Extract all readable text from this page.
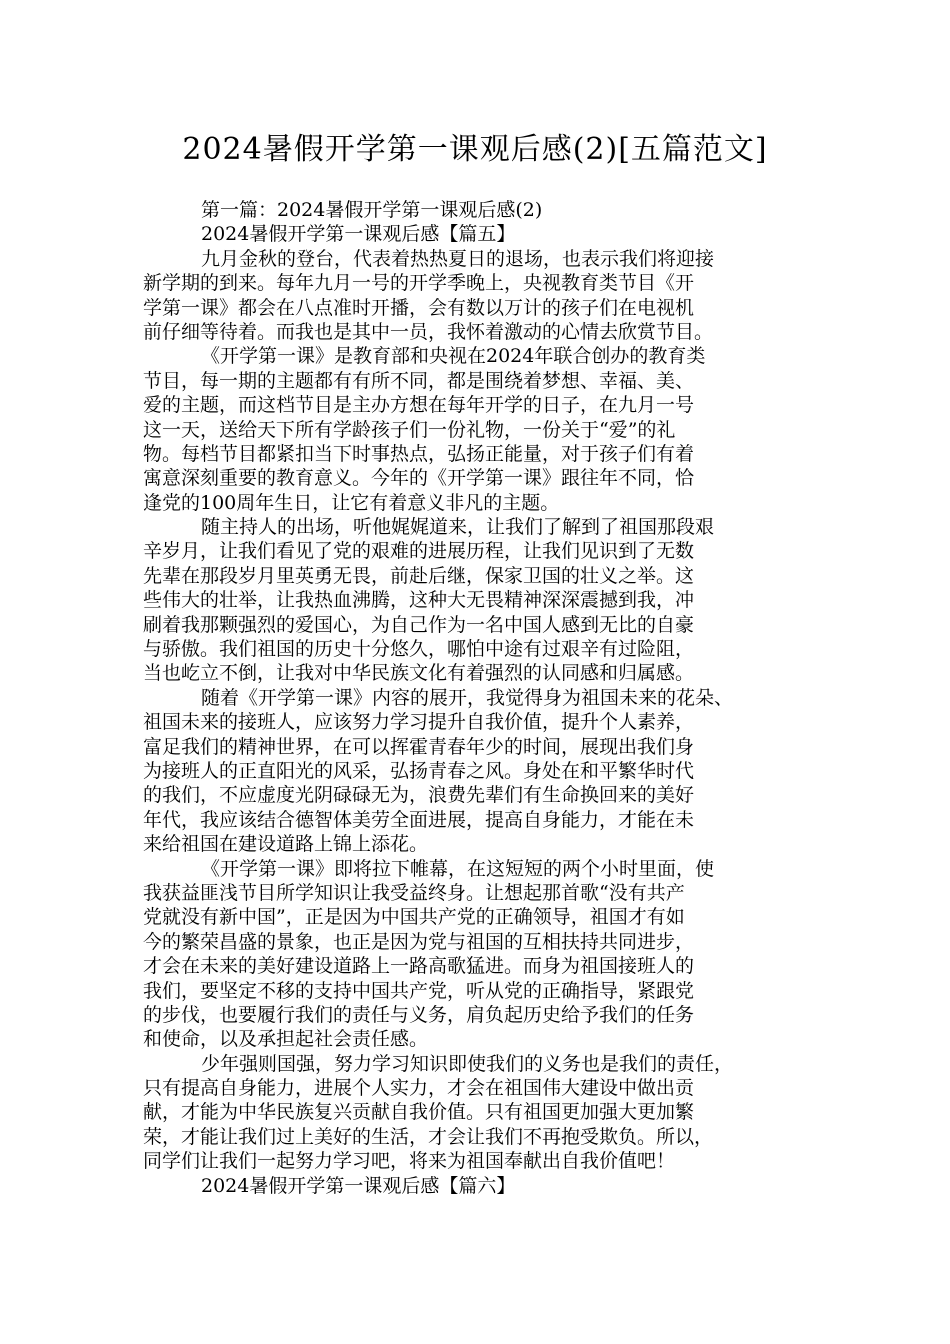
2024暑假开学第一课观后感(2)[五篇范文]
第一篇：2024暑假开学第一课观后感(2)
2024暑假开学第一课观后感【篇五】
九月金秋的登台，代表着热热夏日的退场，也表示我们将迎接
新学期的到来。每年九月一号的开学季晚上，央视教育类节目《开
学第一课》都会在八点准时开播，会有数以万计的孩子们在电视机
前仔细等待着。而我也是其中一员，我怀着激动的心情去欣赏节目。
《开学第一课》是教育部和央视在2024年联合创办的教育类
节目，每一期的主题都有有所不同，都是围绕着梦想、幸福、美、
爱的主题，而这档节目是主办方想在每年开学的日子，在九月一号
这一天，送给天下所有学龄孩子们一份礼物，一份关于“爱”的礼
物。每档节目都紧扣当下时事热点，弘扬正能量，对于孩子们有着
寓意深刻重要的教育意义。今年的《开学第一课》跟往年不同，恰
逢党的100周年生日，让它有着意义非凡的主题。
随主持人的出场，听他娓娓道来，让我们了解到了祖国那段艰
辛岁月，让我们看见了党的艰难的进展历程，让我们见识到了无数
先辈在那段岁月里英勇无畏，前赴后继，保家卫国的壮义之举。这
些伟大的壮举，让我热血沸腾，这种大无畏精神深深震撼到我，冲
刷着我那颗强烈的爱国心，为自己作为一名中国人感到无比的自豪
与骄傲。我们祖国的历史十分悠久，哪怕中途有过艰辛有过险阻，
当也屹立不倒，让我对中华民族文化有着强烈的认同感和归属感。
随着《开学第一课》内容的展开，我觉得身为祖国未来的花朵、
祖国未来的接班人，应该努力学习提升自我价值，提升个人素养，
富足我们的精神世界，在可以挥霍青春年少的时间，展现出我们身
为接班人的正直阳光的风采，弘扬青春之风。身处在和平繁华时代
的我们，不应虚度光阴碌碌无为，浪费先辈们有生命换回来的美好
年代，我应该结合德智体美劳全面进展，提高自身能力，才能在未
来给祖国在建设道路上锦上添花。
《开学第一课》即将拉下帷幕，在这短短的两个小时里面，使
我获益匪浅节目所学知识让我受益终身。让想起那首歌“没有共产
党就没有新中国”，正是因为中国共产党的正确领导，祖国才有如
今的繁荣昌盛的景象，也正是因为党与祖国的互相扶持共同进步，
才会在未来的美好建设道路上一路高歌猛进。而身为祖国接班人的
我们，要坚定不移的支持中国共产党，听从党的正确指导，紧跟党
的步伐，也要履行我们的责任与义务，肩负起历史给予我们的任务
和使命，以及承担起社会责任感。
少年强则国强，努力学习知识即使我们的义务也是我们的责任，
只有提高自身能力，进展个人实力，才会在祖国伟大建设中做出贡
献，才能为中华民族复兴贡献自我价值。只有祖国更加强大更加繁
荣，才能让我们过上美好的生活，才会让我们不再抱受欺负。所以，
同学们让我们一起努力学习吧，将来为祖国奉献出自我价值吧！
2024暑假开学第一课观后感【篇六】
